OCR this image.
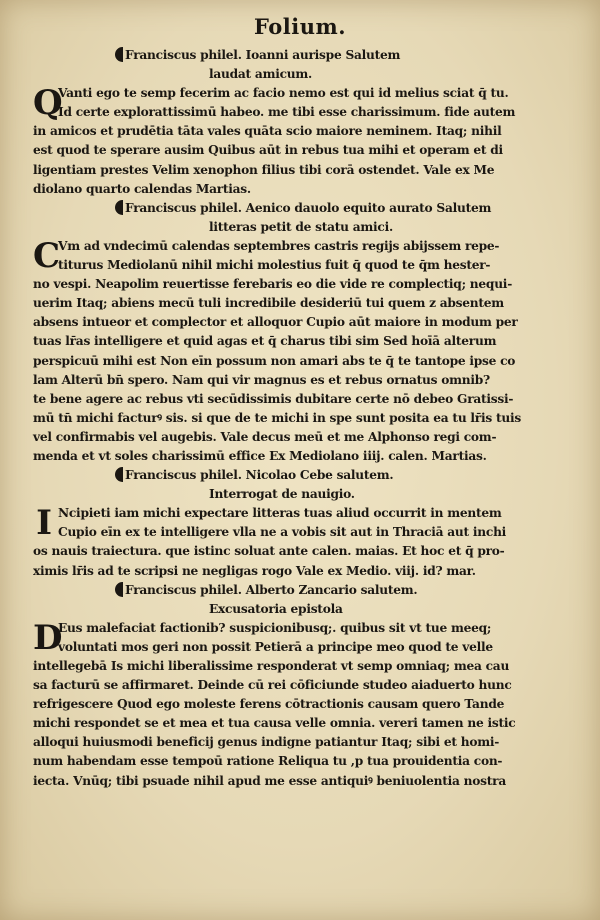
Folium.
Franciscus philel. Ioanni aurispe Salutem
laudat amicum.
Q
Vanti ego te semp fecerim ac facio nemo est qui id melius sciat q̄ tu.
Id certe explorattissimū habeo. me tibi esse charissimum. fide autem
in amicos et prudētia tāta vales quāta scio maiore neminem. Itaq; nihil
est quod te sperare ausim Quibus aūt in rebus tua mihi et operam et di
ligentiam prestes Velim xenophon filius tibi corā ostendet. Vale ex Me
diolano quarto calendas Martias.
Franciscus philel. Aenico dauolo equito aurato Salutem
litteras petit de statu amici.
C
Vm ad vndecimū calendas septembres castris regijs abijssem repe-
titurus Mediolanū nihil michi molestius fuit q̄ quod te q̄m hester-
no vespi. Neapolim reuertisse ferebaris eo die vide re complectiq; nequi-
uerim Itaq; abiens mecū tuli incredibile desideriū tui quem z absentem
absens intueor et complector et alloquor Cupio aūt maiore in modum per
tuas lr̄as intelligere et quid agas et q̄ charus tibi sim Sed hoīā alterum
perspicuū mihi est Non eīn possum non amari abs te q̄ te tantope ipse co
lam Alterū bn̄ spero. Nam qui vir magnus es et rebus ornatus omnib?
te bene agere ac rebus vti secūdissimis dubitare certe nō debeo Gratissi-
mū tn̄ michi facturꝰ sis. si que de te michi in spe sunt posita ea tu lr̄is tuis
vel confirmabis vel augebis. Vale decus meū et me Alphonso regi com-
menda et vt soles charissimū effice Ex Mediolano iiij. calen. Martias.
Franciscus philel. Nicolao Cebe salutem.
Interrogat de nauigio.
I Ncipieti iam michi expectare litteras tuas aliud occurrit in mentem
Cupio eīn ex te intelligere vlla ne a vobis sit aut in Thraciā aut inchi
os nauis traiectura. que istinc soluat ante calen. maias. Et hoc et q̄ pro-
ximis lr̄is ad te scripsi ne negligas rogo Vale ex Medio. viij. id? mar.
Franciscus philel. Alberto Zancario salutem.
Excusatoria epistola
D
Eus malefaciat factionib? suspicionibusq;. quibus sit vt tue meeq;
voluntati mos geri non possit Petierā a principe meo quod te velle
intellegebā Is michi liberalissime responderat vt semp omniaq; mea cau
sa facturū se affirmaret. Deinde cū rei cōficiunde studeo aiaduerto hunc
refrigescere Quod ego moleste ferens cōtractionis causam quero Tande
michi respondet se et mea et tua causa velle omnia. vereri tamen ne istic
alloqui huiusmodi beneficij genus indigne patiantur Itaq; sibi et homi-
num habendam esse tempoū ratione Reliqua tu ,p tua prouidentia con-
iecta. Vnūq; tibi psuade nihil apud me esse antiquiꝰ beniuolentia nostra
